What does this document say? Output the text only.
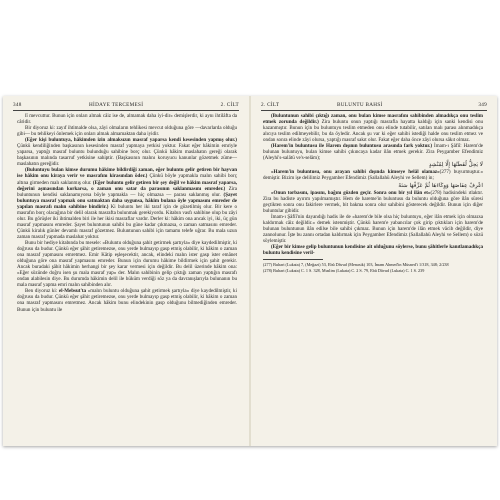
348	HİDAYE TERCEMESİ	2. CİLT

lî mevcuttur. Bunun için onları almak câiz ise de, almamak daha iyi-dir» demişlerdir, ki aynı ihtilâfta da câridir.

Bir diyoruz ki: zayıf ihtimalde olsa, zâyi olmaların tehlikesi mevcut olduğuna göre —davarlarda olduğu gibi— bu tehlikeyi önlemek için onları almak almamaktan daha iyidir.

(Eğer kişi buluntuya, hâkimden izin almaksızın masraf yaparsa kendi kesesinden yapmış olur.) Çünkü kendiliğinden başkasının kesesinden masraf yapmaya yetkisi yoktur. Fakat eğer hâkimin emriyle yaparsa, yaptığı masraf buluntu bulunduğu sahibine borç olur. Çünkü hâkim maslahatın gereği olarak başkasının malında tasarruf yetkisine sahiptir. (Başkasının malını koruyucu kanunlar gözetmek züme— maslahatın gereğidir.

(Buluntuyu bulan kimse durumu hâkime bildirdiği zaman, eğer buluntu gelir getiren bir hayvan ise hâkim onu kiraya verir ve masrafını kirasından öder.) Çünkü böyle yapmakla malın sahibi borç altına girmeden malı saklanmış olur. (Eğer buluntu gelir getiren bir şey değil ve hâkim masraf yaparsa, değerini aşmasından korkarsa, o zaman onu satar da parasının saklanmasını emreder.) Zira buluntunun kendisi saklanamıyorsa böyle yapmakla — hiç olmazsa — parası saklanmış olur. (Şayet buluntuya masraf yapmak onu satmaktan daha uygunsa, hâkim bulana öyle yapmasını emreder de yapılan masrafı malın sahibine bindirir.) Ki buluntu her iki taraf için de gözetilmiş olur. Bir kere o masrafın borç olacağına bir delil olarak masrafta bulunmak gerekiyordu. Kitabın vasfı sahibine olup bu zâyi olur. Bu görüşler iki ihtimalden biri ile her ikisi masraflar vardır. Derler ki: hâkim ona ancak iyi, iki, üç gün masraf yapmasını emreder. Şayet buluntunun sahibi bu güne kadar çıkmazsa, o zaman satmasını emreder. Çünkü kiralık günler devamlı masraf gözetmez. Buluntunun sahibi için tamamı telefe uğrar. Bu mala uzun zaman masraf yapmada maslahat yoktur.

Bunu bir hediye kitabında bu mesele: «Buluntu olduğuna şahit getirmek şartıyla» diye kaydedilmiştir, ki doğrusu da budur. Çünkü eğer şâhit getiremezse, onu yerde bulmayıp gasp etmiş olabilir, ki hâkim o zaman ona masraf yapmasını emretmez. Emir Kâtip eşleşecektir, ancak, elindeki malın ister gasp ister emânet olduğuna göre ona masraf yapmasını emreder. Bunun için durumu hâkime bildirmek için şahit gerekir. Ancak buradaki şâhit hâkimin herhangi bir şey karar vermesi için değildir. Bu delil üzerinde hâkim ona: «Eğer sözünde doğru isen şu mala masraf yap» der. Malın sahibinin gelip çıktığı zaman yaptığın masrafı ondan alabilesin diye. Bu durumda hâkimin delil ile hüküm verdiği söz ya da davranışlarıyla bulunanın bu mala masraf yapma emri malın sahibinden alır.

Ben diyoruz ki: el-Mebsut'ta «malın buluntu olduğuna şahit getirmek şartıyla» diye kaydedilmiştir, ki doğrusu da budur. Çünkü eğer şâhit getiremezse, onu yerde bulmayıp gasp etmiş olabilir, ki hâkim o zaman ona masraf yapmasını emretmez. Ancak hâkim bunu elindekinin gasp olduğunu bilmediğinden emreder. Bunun için buluntu ile

2. CİLT	BULUNTU BAHSİ	349

(Buluntunun sahibi çıktığı zaman, onu bulan kimse masrafını sahibinden almadıkça onu teslim etmek zorunda değildir.) Zira buluntu onun yaptığı masrafla hayatta kaldığı için sanki kendisi onu kazanmıştır. Bunun için bu buluntuyu teslim etmeden onu elinde tutabilir, satılan malı parası alınmadıkça alıcıya teslim edilmeyebilir, bu da öyledir. Ancak şu var ki eğer sahibi istediği halde onu teslim etmez ve ondan sonra elinde zâyi olursa, yaptığı masraf sakıt olur. Fakat eğer daha önce zâyi olursa sâkıt olmaz.

(Harem'in buluntusu ile Harem dışının buluntusu arasında fark yoktur.) İmam-ı Şâfiî: Harem'de bulunan buluntuyu, bulan kimse sahibi çıkıncaya kadar ilân etmek gerekir. Zira Peygamber Efendimiz (Aleyhi's-salâtü ve's-selâm);

لَا يَحِلُّ لُقَطَتُهَا إِلَّا لِمُنْشِدٍ

«Harem'in buluntusu, onu arayan sahibi dışında kimseye helâl olamaz»(277) buyurmuştur.» demiştir. Bizim işe delilimiz Peygamber Efendimiz (Sallallahü Aleyhi ve Sellem) in;

اعْرِفْ عِفَاصَهَا وَوِكَاءَهَا ثُمَّ عَرِّفْهَا سَنَةً

«Onun torbasını, ipasını, bağını gözden geçir. Sonra onu bir yıl ilân et»(278) hadisindeki ıtlaktır. Zira bu hadiste ayırım yapılmamıştır. Hem de hareme'in buluntusu da buluntu olduğuna göre ilân süresi geçtikten sonra onu fakirlere vermek, bit bakma sonra olur sahibini gösterecek değildir. Bunun için diğer buluntular gibidir.

İmam-ı Şâfiî'nin dayandığı hadis ile de «harem'de bile olsa hiç buluntuyu, eğer ilân etmek için olmazsa kaldırmak câiz değildir.» demek istenmiştir. Çünkü harem'e yabancılar çok girip çıktıkları için harem'de bulunan buluntunun ilân edilse bile sahibi çıkmaz. Bunun için harem'de ilân etmek vâcib değildir, diye zannolunur. İşte bu zannı ortadan kaldırmak için Peygamber Efendimiz (Sallallahü Aleyhi ve Sellem) o sözü söylemiştir.

(Eğer bir kimse gelip buluntunun kendisine ait olduğunu söylerse, bunu şâhitlerle kanıtlamadıkça buluntu kendisine veril-

(277) Buhari (Lukata) 7, (Meğazi) 53, Ebû Dâvud (Menasik) 103, İmam Ahmed'in Müsned'i 1/318, 348; 2/238

(278) Buhari (Lukata) C. 1 S. 328, Muslim (Lukata) C. 2 S. 79, Ebû Dâvud (Lukata) C. 1 S. 239
